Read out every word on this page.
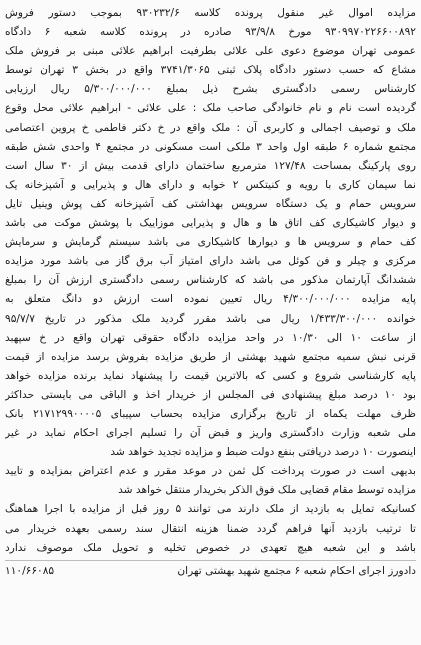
مزایده اموال غیر منقول پرونده کلاسه ۹۳۰۲۳۲/۶ بموجب دستور فروش
۹۳۰۹۹۷۰۲۲۶۶۰۰۸۹۲ مورخ ۹۳/۹/۸ صادره در پرونده کلاسه شعبه ۶ دادگاه
عمومی تهران موضوع دعوی علی علائی بطرفیت ابراهیم علائی مبنی بر فروش ملک
مشاع که حسب دستور دادگاه پلاک ثبتی ۳۷۴۱/۳۰۶۵ واقع در بخش ۳ تهران توسط
کارشناس رسمی دادگستری بشرح ذیل بمبلغ ۵/۳۰۰/۰۰۰/۰۰۰ ریال ارزیابی
گردیده است نام و نام خانوادگی صاحب ملک : علی علائی - ابراهیم علائی محل وقوع
ملک و توصیف اجمالی و کاربری آن : ملک واقع در خ دکتر فاطمی خ پروین اعتصامی
مجتمع شماره ۶ طبقه اول واحد ۳ ملکی است مسکونی در مجتمع ۴ واحدی شش طبقه
روی پارکینگ بمساحت ۱۲۷/۴۸ مترمربع ساختمان دارای قدمت بیش از ۳۰ سال است
نما سیمان کاری با رویه و کنیتکس ۲ خوابه و دارای هال و پذیرایی و آشپزخانه یک
سرویس حمام و یک دستگاه سرویس بهداشتی کف آشپزخانه کف پوش وینیل تایل
و دیوار کاشیکاری کف اتاق ها و هال و پذیرایی موزاییک با پوشش موکت می باشد
کف حمام و سرویس ها و دیوارها کاشیکاری می باشد سیستم گرمایش و سرمایش
مرکزی و چیلر و فن کوئل می باشد دارای امتیاز آب برق گاز می باشد مورد مزایده
ششدانگ آپارتمان مذکور می باشد که کارشناس رسمی دادگستری ارزش آن را بمبلغ
پایه مزایده ۴/۳۰۰/۰۰۰/۰۰۰ ریال تعیین نموده است ارزش دو دانگ متعلق به
خوانده ۱/۴۳۳/۳۰۰/۰۰۰ ریال می باشد مقرر گردید ملک مذکور در تاریخ ۹۵/۷/۷
از ساعت ۱۰ الی ۱۰/۳۰ در واحد مزایده دادگاه حقوقی تهران واقع در خ سپهبد
قرنی نبش سمیه مجتمع شهید بهشتی از طریق مزایده بفروش برسد مزایده از قیمت
پایه کارشناسی شروع و کسی که بالاترین قیمت را پیشنهاد نماید برنده مزایده خواهد
بود ۱۰ درصد مبلغ پیشنهادی فی المجلس از خریدار اخذ و الباقی می بایستی حداکثر
ظرف مهلت یکماه از تاریخ برگزاری مزایده بحساب سپیبای ۲۱۷۱۲۹۹۰۰۰۰۵ بانک
ملی شعبه وزارت دادگستری واریز و قبض آن را تسلیم اجرای احکام نماید در غیر
اینصورت ۱۰ درصد دریافتی بنفع دولت ضبط و مزایده تجدید خواهد شد
بدیهی است در صورت پرداخت کل ثمن در موعد مقرر و عدم اعتراض بمزایده و تایید
مزایده توسط مقام قضایی ملک فوق الذکر بخریدار منتقل خواهد شد
کسانیکه تمایل به بازدید از ملک دارند می توانند ۵ روز قبل از مزایده با اجرا هماهنگ
تا ترتیب بازدید آنها فراهم گردد ضمنا هزینه انتقال سند رسمی بعهده خریدار می
باشد و این شعبه هیچ تعهدی در خصوص تخلیه و تحویل ملک موصوف ندارد
دادورز اجرای احکام شعبه ۶ مجتمع شهید بهشتی تهران
۱۱۰/۶۶۰۸۵
